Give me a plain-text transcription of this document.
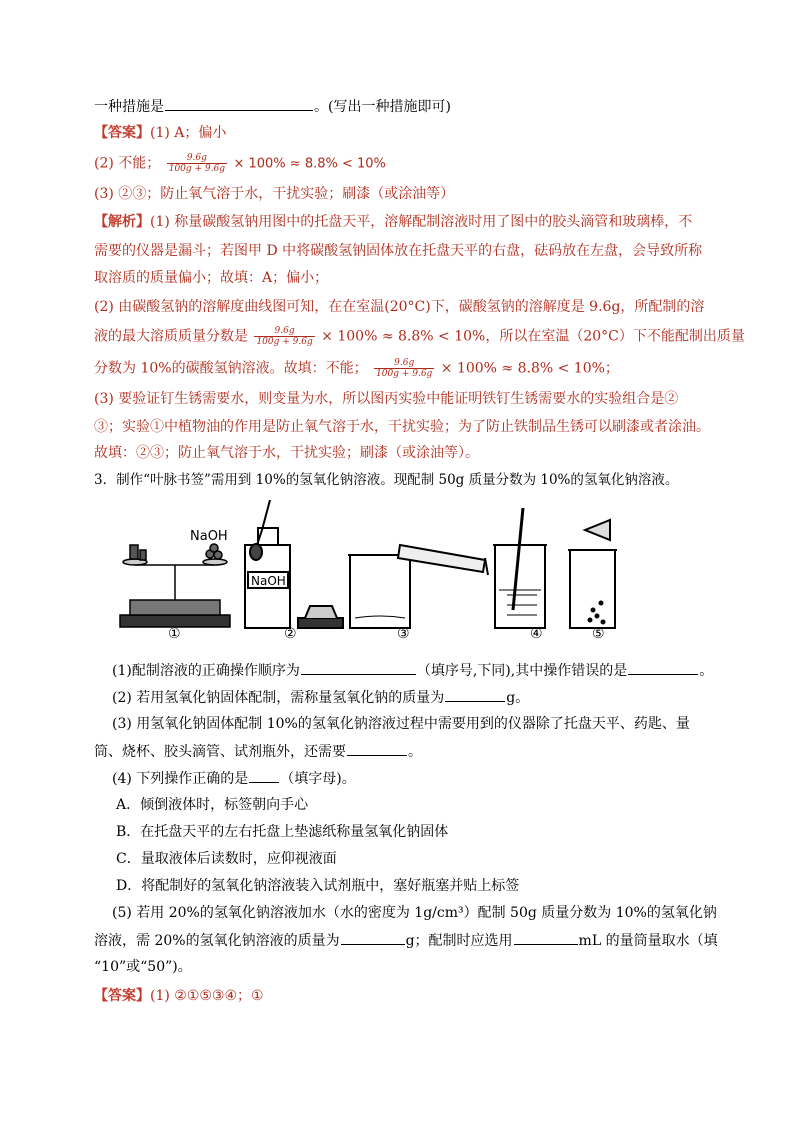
一种措施是	。(写出一种措施即可)
【答案】(1) A；偏小
(2) 不能； $\frac{9.6g}{100g + 9.6g} \times 100\% \approx 8.8\% < 10\%$
(3) ②③；防止氧气溶于水，干扰实验；刷漆（或涂油等）
【解析】(1) 称量碳酸氢钠用图中的托盘天平，溶解配制溶液时用了图中的胶头滴管和玻璃棒，不
需要的仪器是漏斗；若图甲 D 中将碳酸氢钠固体放在托盘天平的右盘，砝码放在左盘，会导致所称
取溶质的质量偏小；故填：A；偏小；
(2) 由碳酸氢钠的溶解度曲线图可知，在在室温(20°C)下，碳酸氢钠的溶解度是 9.6g，所配制的溶
液的最大溶质质量分数是 $\frac{9.6g}{100g + 9.6g} \times 100\% \approx 8.8\% < 10\%$，所以在室温（20°C）下不能配制出质量
分数为 10%的碳酸氢钠溶液。故填：不能； $\frac{9.6g}{100g + 9.6g} \times 100\% \approx 8.8\% < 10\%$；
(3) 要验证钉生锈需要水，则变量为水，所以图丙实验中能证明铁钉生锈需要水的实验组合是②
③；实验①中植物油的作用是防止氧气溶于水，干扰实验；为了防止铁制品生锈可以刷漆或者涂油。
故填：②③；防止氧气溶于水，干扰实验；刷漆（或涂油等）。
3．制作“叶脉书签”需用到 10%的氢氧化钠溶液。现配制 50g 质量分数为 10%的氢氧化钠溶液。
NaOH
NaOH
①	②	③	④	⑤
(1)配制溶液的正确操作顺序为	（填序号,下同),其中操作错误的是	。
(2) 若用氢氧化钠固体配制，需称量氢氧化钠的质量为	g。
(3) 用氢氧化钠固体配制 10%的氢氧化钠溶液过程中需要用到的仪器除了托盘天平、药匙、量
筒、烧杯、胶头滴管、试剂瓶外，还需要	。
(4) 下列操作正确的是 （填字母)。
A．倾倒液体时，标签朝向手心
B．在托盘天平的左右托盘上垫滤纸称量氢氧化钠固体
C．量取液体后读数时，应仰视液面
D．将配制好的氢氧化钠溶液装入试剂瓶中，塞好瓶塞并贴上标签
(5) 若用 20%的氢氧化钠溶液加水（水的密度为 1g/cm³）配制 50g 质量分数为 10%的氢氧化钠
溶液，需 20%的氢氧化钠溶液的质量为	g；配制时应选用	mL 的量筒量取水（填
“10”或“50”)。
【答案】(1) ②①⑤③④；①
